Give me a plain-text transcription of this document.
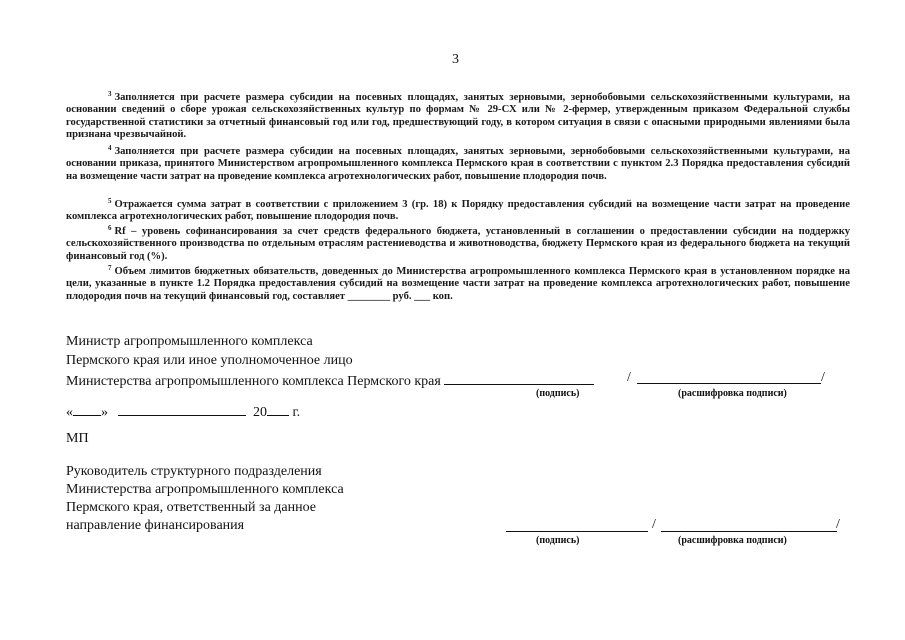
3
$^3$ Заполняется при расчете размера субсидии на посевных площадях, занятых зерновыми, зернобобовыми сельскохозяйственными культурами, на основании сведений о сборе урожая сельскохозяйственных культур по формам № 29-СХ или № 2-фермер, утвержденным приказом Федеральной службы государственной статистики за отчетный финансовый год или год, предшествующий году, в котором ситуация в связи с опасными природными явлениями была признана чрезвычайной.
$^4$ Заполняется при расчете размера субсидии на посевных площадях, занятых зерновыми, зернобобовыми сельскохозяйственными культурами, на основании приказа, принятого Министерством агропромышленного комплекса Пермского края в соответствии с пунктом 2.3 Порядка предоставления субсидий на возмещение части затрат на проведение комплекса агротехнологических работ, повышение плодородия почв.
$^5$ Отражается сумма затрат в соответствии с приложением 3 (гр. 18) к Порядку предоставления субсидий на возмещение части затрат на проведение комплекса агротехнологических работ, повышение плодородия почв.
$^6$ Rf – уровень софинансирования за счет средств федерального бюджета, установленный в соглашении о предоставлении субсидии на поддержку сельскохозяйственного производства по отдельным отраслям растениеводства и животноводства, бюджету Пермского края из федерального бюджета на текущий финансовый год (%).
$^7$ Объем лимитов бюджетных обязательств, доведенных до Министерства агропромышленного комплекса Пермского края в установленном порядке на цели, указанные в пункте 1.2 Порядка предоставления субсидий на возмещение части затрат на проведение комплекса агротехнологических работ, повышение плодородия почв на текущий финансовый год, составляет ________ руб. ___ коп.
Министр агропромышленного комплекса
Пермского края или иное уполномоченное лицо
Министерства агропромышленного комплекса Пермского края	/	/
(подпись)	(расшифровка подписи)
« »	20 г.
МП
Руководитель структурного подразделения
Министерства агропромышленного комплекса
Пермского края, ответственный за данное
направление финансирования	/	/
(подпись)	(расшифровка подписи)
